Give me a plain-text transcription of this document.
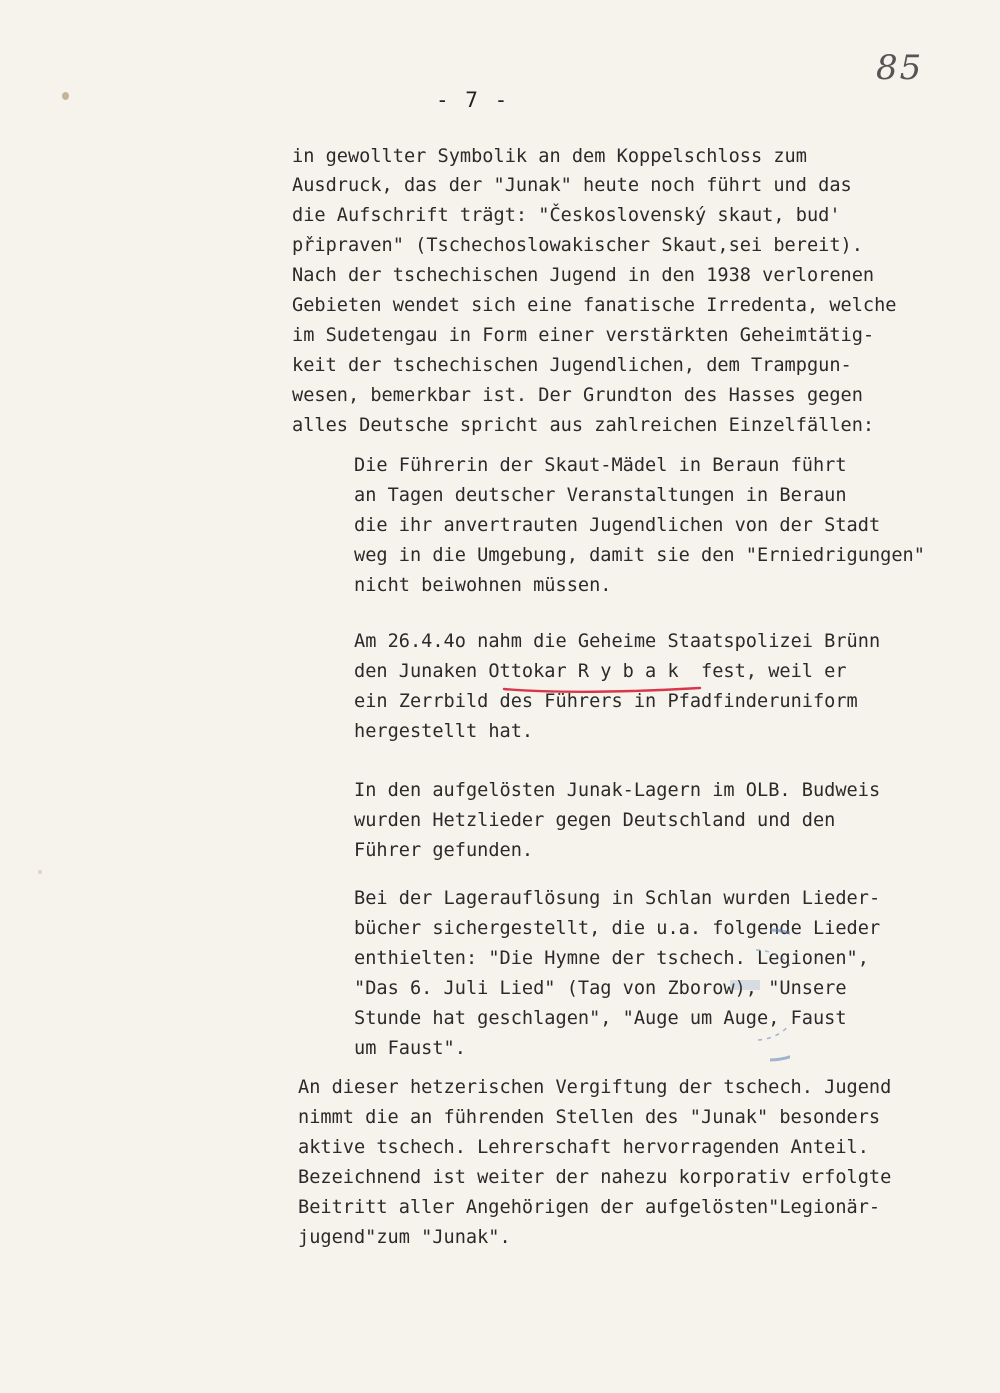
85
- 7 -
in gewollter Symbolik an dem Koppelschloss zum
Ausdruck, das der "Junak" heute noch führt und das
die Aufschrift trägt: "Československý skaut, bud'
připraven" (Tschechoslowakischer Skaut,sei bereit).
Nach der tschechischen Jugend in den 1938 verlorenen
Gebieten wendet sich eine fanatische Irredenta, welche
im Sudetengau in Form einer verstärkten Geheimtätig-
keit der tschechischen Jugendlichen, dem Trampgun-
wesen, bemerkbar ist. Der Grundton des Hasses gegen
alles Deutsche spricht aus zahlreichen Einzelfällen:
Die Führerin der Skaut-Mädel in Beraun führt
an Tagen deutscher Veranstaltungen in Beraun
die ihr anvertrauten Jugendlichen von der Stadt
weg in die Umgebung, damit sie den "Erniedrigungen"
nicht beiwohnen müssen.
Am 26.4.4o nahm die Geheime Staatspolizei Brünn
den Junaken Ottokar R y b a k  fest, weil er
ein Zerrbild des Führers in Pfadfinderuniform
hergestellt hat.
In den aufgelösten Junak-Lagern im OLB. Budweis
wurden Hetzlieder gegen Deutschland und den
Führer gefunden.
Bei der Lagerauflösung in Schlan wurden Lieder-
bücher sichergestellt, die u.a. folgende Lieder
enthielten: "Die Hymne der tschech. Legionen",
"Das 6. Juli Lied" (Tag von Zborow), "Unsere
Stunde hat geschlagen", "Auge um Auge, Faust
um Faust".
An dieser hetzerischen Vergiftung der tschech. Jugend
nimmt die an führenden Stellen des "Junak" besonders
aktive tschech. Lehrerschaft hervorragenden Anteil.
Bezeichnend ist weiter der nahezu korporativ erfolgte
Beitritt aller Angehörigen der aufgelösten"Legionär-
jugend"zum "Junak".
